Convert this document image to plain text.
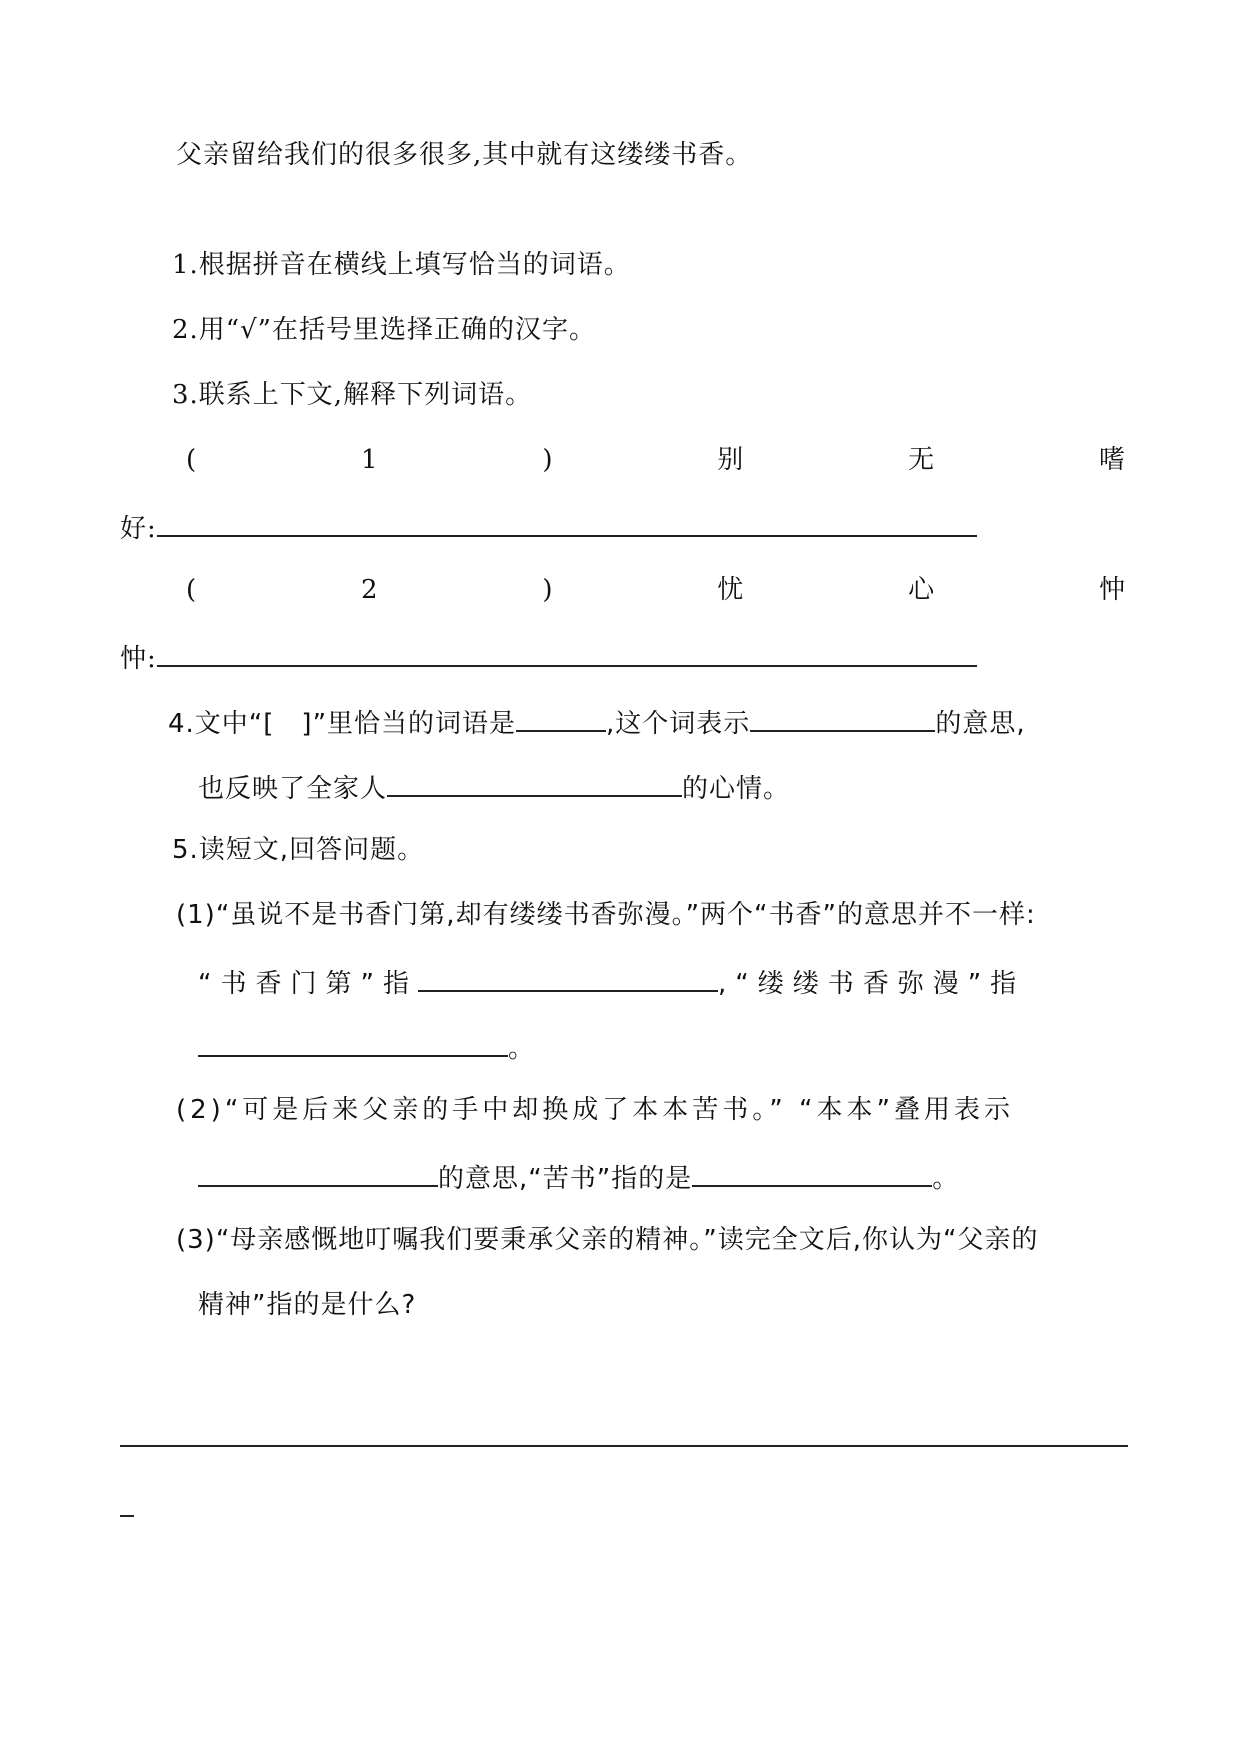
父亲留给我们的很多很多,其中就有这缕缕书香。
1.根据拼音在横线上填写恰当的词语。
2.用“√”在括号里选择正确的汉字。
3.联系上下文,解释下列词语。
(	1	)	别	无	嗜
好:
(	2	)	忧	心	忡
忡:
4.文中“[　]”里恰当的词语是	,这个词表示	的意思,
也反映了全家人	的心情。
5.读短文,回答问题。
(1)“虽说不是书香门第,却有缕缕书香弥漫。”两个“书香”的意思并不一样:
“书香门第”指	,“缕缕书香弥漫”指
。
(2)“可是后来父亲的手中却换成了本本苦书。” “本本”叠用表示
的意思,“苦书”指的是	。
(3)“母亲感慨地叮嘱我们要秉承父亲的精神。”读完全文后,你认为“父亲的
精神”指的是什么?
